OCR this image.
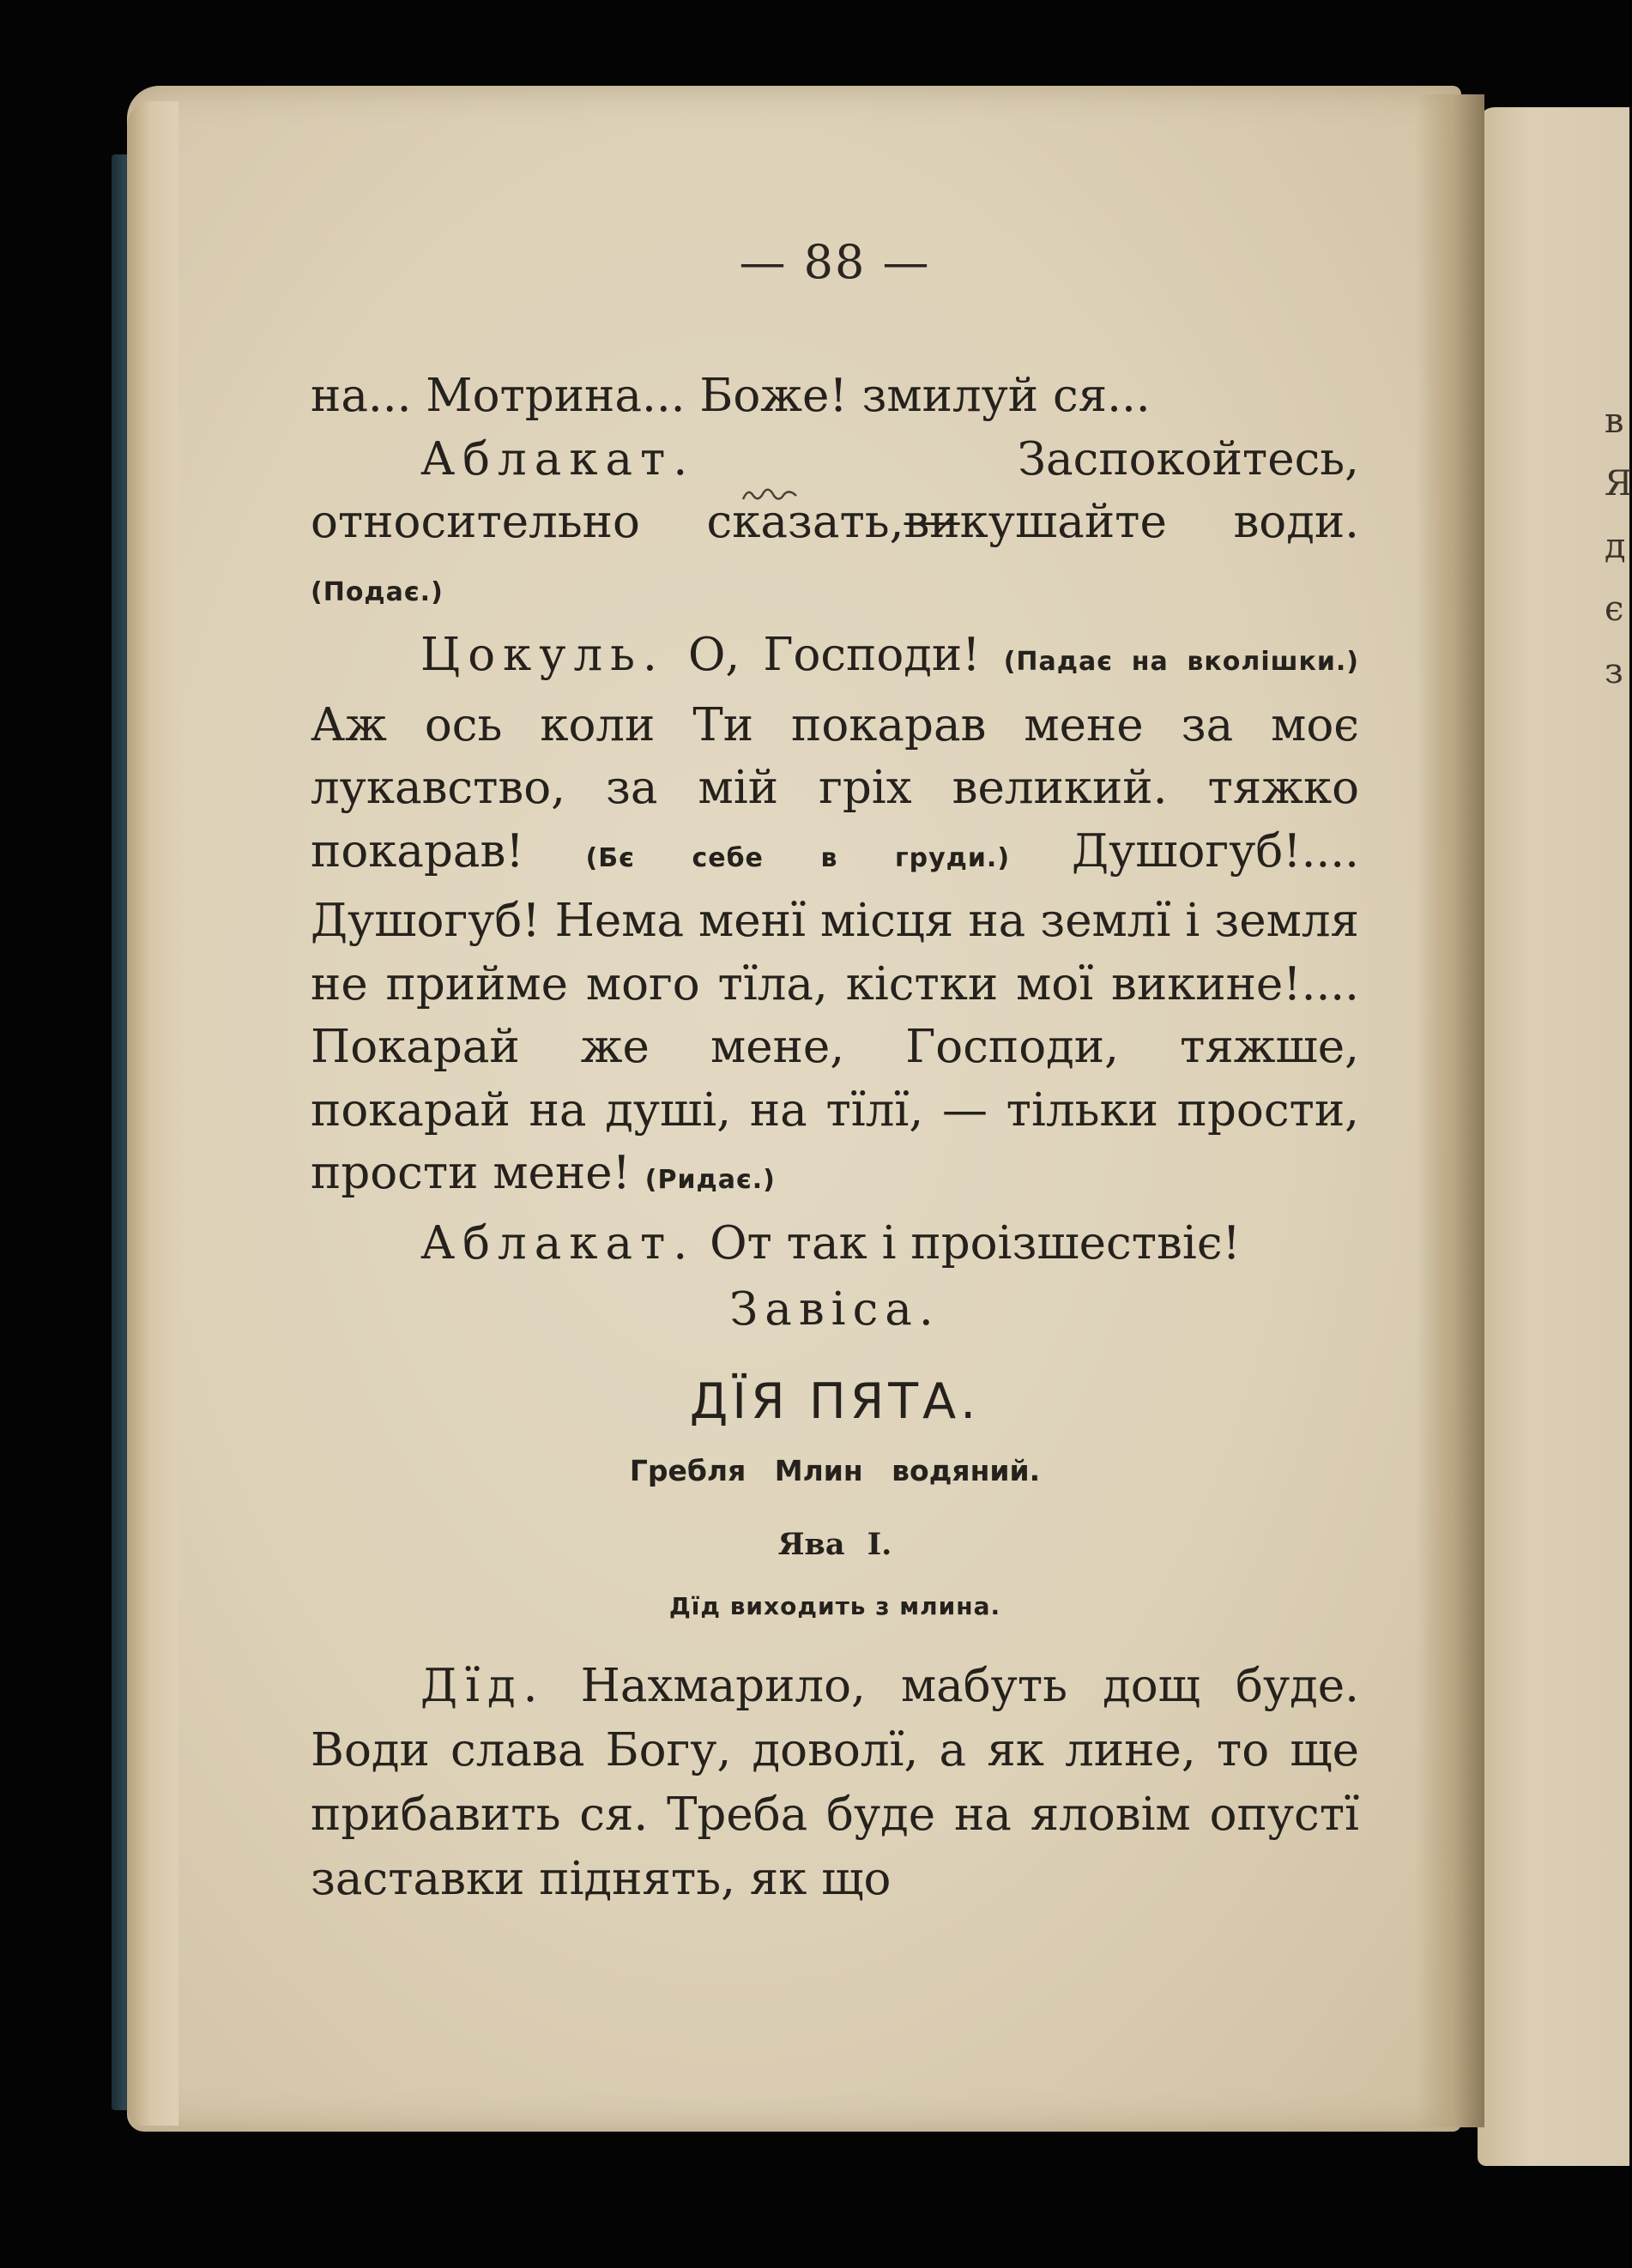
в
Я
д
є
з
— 88 —

на... Мотрина... Боже! змилуй ся...

Аблакат. Заспокойтесь, относительно сказать,викушайте води. (Подає.)

Цокуль. О, Господи! (Падає на вколішки.) Аж ось коли Ти покарав мене за моє лукавство, за мій гріх великий. тяжко покарав! (Бє себе в груди.) Душогуб!.... Душогуб! Нема менї місця на землї і земля не прийме мого тїла, кістки мої викине!.... Покарай же мене, Господи, тяжше, покарай на душі, на тїлї, — тільки прости, прости мене! (Ридає.)

Аблакат. От так і проізшествіє!

Завіса.

ДЇЯ ПЯТА.

Гребля Млин водяний.

Ява I.

Дїд виходить з млина.

Дїд. Нахмарило, мабуть дощ буде. Води слава Богу, доволї, а як лине, то ще прибавить ся. Треба буде на яловім опустї заставки піднять, як що
